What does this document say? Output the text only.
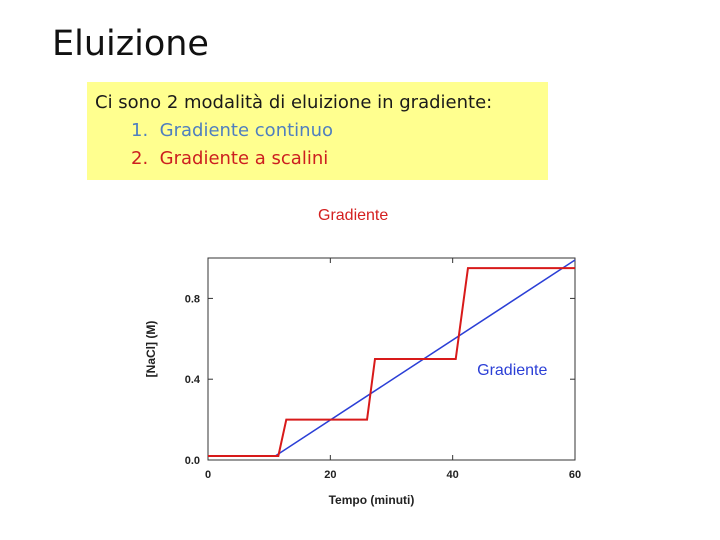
Eluizione
Ci sono 2 modalità di eluizione in gradiente:
1. Gradiente continuo
2. Gradiente a scalini
Gradiente
0	20	40	60
0.0
0.4
0.8
Tempo (minuti)
[NaCl] (M)	Gradiente
